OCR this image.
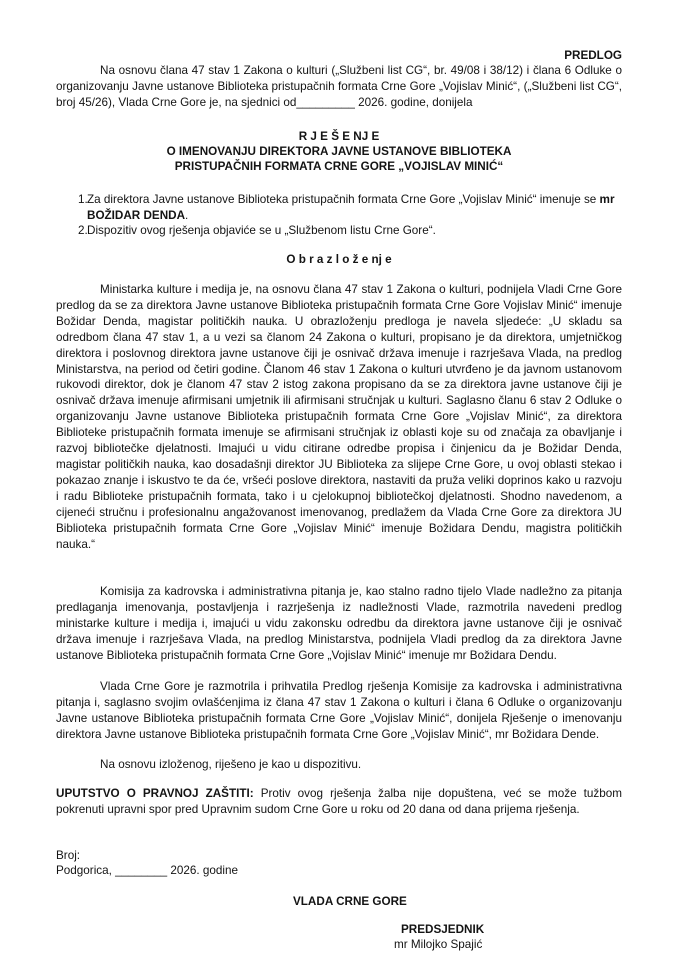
PREDLOG
Na osnovu člana 47 stav 1 Zakona o kulturi („Službeni list CG“, br. 49/08 i 38/12) i člana 6 Odluke o organizovanju Javne ustanove Biblioteka pristupačnih formata Crne Gore „Vojislav Minić“, („Službeni list CG“, broj 45/26), Vlada Crne Gore je, na sjednici od_________ 2026. godine, donijela
R J E Š E NJ E
O IMENOVANJU DIREKTORA JAVNE USTANOVE BIBLIOTEKA
PRISTUPAČNIH FORMATA CRNE GORE „VOJISLAV MINIĆ“
1. Za direktora Javne ustanove Biblioteka pristupačnih formata Crne Gore „Vojislav Minić“ imenuje se mr BOŽIDAR DENDA.
2. Dispozitiv ovog rješenja objaviće se u „Službenom listu Crne Gore“.
O b r a z l o ž e nj e
Ministarka kulture i medija je, na osnovu člana 47 stav 1 Zakona o kulturi, podnijela Vladi Crne Gore predlog da se za direktora Javne ustanove Biblioteka pristupačnih formata Crne Gore Vojislav Minić“ imenuje Božidar Denda, magistar političkih nauka. U obrazloženju predloga je navela sljedeće: „U skladu sa odredbom člana 47 stav 1, a u vezi sa članom 24 Zakona o kulturi, propisano je da direktora, umjetničkog direktora i poslovnog direktora javne ustanove čiji je osnivač država imenuje i razrješava Vlada, na predlog Ministarstva, na period od četiri godine. Članom 46 stav 1 Zakona o kulturi utvrđeno je da javnom ustanovom rukovodi direktor, dok je članom 47 stav 2 istog zakona propisano da se za direktora javne ustanove čiji je osnivač država imenuje afirmisani umjetnik ili afirmisani stručnjak u kulturi. Saglasno članu 6 stav 2 Odluke o organizovanju Javne ustanove Biblioteka pristupačnih formata Crne Gore „Vojislav Minić“, za direktora Biblioteke pristupačnih formata imenuje se afirmisani stručnjak iz oblasti koje su od značaja za obavljanje i razvoj bibliotečke djelatnosti. Imajući u vidu citirane odredbe propisa i činjenicu da je Božidar Denda, magistar političkih nauka, kao dosadašnji direktor JU Biblioteka za slijepe Crne Gore, u ovoj oblasti stekao i pokazao znanje i iskustvo te da će, vršeći poslove direktora, nastaviti da pruža veliki doprinos kako u razvoju i radu Biblioteke pristupačnih formata, tako i u cjelokupnoj bibliotečkoj djelatnosti. Shodno navedenom, a cijeneći stručnu i profesionalnu angažovanost imenovanog, predlažem da Vlada Crne Gore za direktora JU Biblioteka pristupačnih formata Crne Gore „Vojislav Minić“ imenuje Božidara Dendu, magistra političkih nauka.“
Komisija za kadrovska i administrativna pitanja je, kao stalno radno tijelo Vlade nadležno za pitanja predlaganja imenovanja, postavljenja i razrješenja iz nadležnosti Vlade, razmotrila navedeni predlog ministarke kulture i medija i, imajući u vidu zakonsku odredbu da direktora javne ustanove čiji je osnivač država imenuje i razrješava Vlada, na predlog Ministarstva, podnijela Vladi predlog da za direktora Javne ustanove Biblioteka pristupačnih formata Crne Gore „Vojislav Minić“ imenuje mr Božidara Dendu.
Vlada Crne Gore je razmotrila i prihvatila Predlog rješenja Komisije za kadrovska i administrativna pitanja i, saglasno svojim ovlašćenjima iz člana 47 stav 1 Zakona o kulturi i člana 6 Odluke o organizovanju Javne ustanove Biblioteka pristupačnih formata Crne Gore „Vojislav Minić“, donijela Rješenje o imenovanju direktora Javne ustanove Biblioteka pristupačnih formata Crne Gore „Vojislav Minić“, mr Božidara Dende.
Na osnovu izloženog, riješeno je kao u dispozitivu.
UPUTSTVO O PRAVNOJ ZAŠTITI: Protiv ovog rješenja žalba nije dopuštena, već se može tužbom pokrenuti upravni spor pred Upravnim sudom Crne Gore u roku od 20 dana od dana prijema rješenja.
Broj:
Podgorica, ________ 2026. godine
VLADA CRNE GORE
PREDSJEDNIK
mr Milojko Spajić
